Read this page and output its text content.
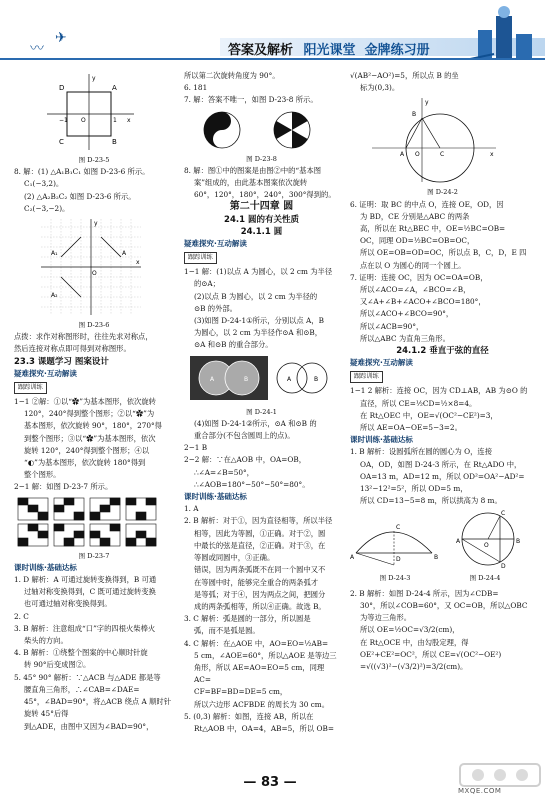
〰
✈
答案及解析 阳光课堂 金牌练习册
D	A
C	B
O
−1	1 x
y

图 D-23-5

8. 解：(1) △A₁B₁C₁ 如图 D-23-6 所示。

C₁(−3,2)。

(2) △A₂B₂C₂ 如图 D-23-6 所示。

C₂(−3,−2)。

O
x
y
A
A₁
A₂

图 D-23-6

点拨：求作对称图形时，往往先求对称点，

然后连接对称点即可得到对称图形。

23.3 课题学习 图案设计

疑难探究·互动解读

跟踪训练

1−1 ②解：①以“✿”为基本图形，依次旋转

120°，240°得到整个图形；②以“✿”为

基本图形，依次旋转 90°，180°，270°得

到整个图形；③以“✿”为基本图形，依次

旋转 120°，240°得到整个图形；④以

“◐”为基本图形，依次旋转 180°得到

整个图形。

2−1 解：如图 D-23-7 所示。

图 D-23-7

课时训练·基础达标

1. D 解析：A 可通过旋转变换得到，B 可通

过轴对称变换得到，C 既可通过旋转变换

也可通过轴对称变换得到。

2. C

3. B 解析：注意组成“口”字的四根火柴棒火

柴头的方向。

4. B 解析：①绕整个图案的中心顺时针旋

转 90°后变成图②。

5. 45° 90° 解析：∵△ACB 与△ADE 都是等

腰直角三角形，∴∠CAB=∠DAE=

45°，∠BAD=90°，将△ACB 绕点 A 顺时针旋转 45°后得

到△ADE，由图中又因为∠BAD=90°，

所以第二次旋转角度为 90°。

6. 181

7. 解：答案不唯一，如图 D-23-8 所示。

图 D-23-8

8. 解：图①中的图案是由图②中的“基本图

案”组成的，由此基本图案依次旋转

60°，120°，180°，240°，300°得到的。

第二十四章 圆

24.1 圆的有关性质

24.1.1 圆

疑难探究·互动解读

跟踪训练

1−1 解：(1)以点 A 为圆心，以 2 cm 为半径

的⊙A；

(2)以点 B 为圆心，以 2 cm 为半径的

⊙B 的外部。

(3)如图 D-24-1①所示，分别以点 A，B

为圆心，以 2 cm 为半径作⊙A 和⊙B，

⊙A 和⊙B 的重合部分。

A	B	A	B

图 D-24-1

(4)如图 D-24-1②所示，⊙A 和⊙B 的

重合部分(不包含圆周上的点)。

2−1 B

2−2 解：∵在△AOB 中，OA=OB，

∴∠A=∠B=50°，

∴∠AOB=180°−50°−50°=80°。

课时训练·基础达标

1. A

2. B 解析：对于①，因为直径相等，所以半径

相等，因此为等圆，①正确。对于②，圆

中最长的弦是直径，②正确。对于③，在

等圆或同圆中，③正确。

错误，因为两条弧既不在同一个圆中又不

在等圆中时，能够完全重合的两条弧才

是等弧；对于④，因为两点之间，把圆分

成的两条弧相等，所以④正确。故选 B。

3. C 解析：弧是圆的一部分，所以圆是

弧，而不是弧是圆。

4. C 解析：在△AOE 中，AO=EO=½AB=

5 cm，∠AOE=60°，所以△AOE 是等边三

角形，所以 AE=AO=EO=5 cm，同理 AC=

CF=BF=BD=DE=5 cm，

所以六边形 ACFBDE 的周长为 30 cm。

5. (0,3) 解析：如图，连接 AB，所以在

Rt△AOB 中，OA=4，AB=5，所以 OB=

√(AB²−AO²)=5，所以点 B 的坐

标为(0,3)。

B
A O	C	x
y

图 D-24-2

6. 证明：取 BC 的中点 O，连接 OE，OD，因

为 BD，CE 分别是△ABC 的两条

高，所以在 Rt△BEC 中，OE=½BC=OB=

OC，同理 OD=½BC=OB=OC，

所以 OE=OB=OD=OC，所以点 B，C，D，E 四

点在以 O 为圆心的同一个圆上。

7. 证明：连接 OC，因为 OC=OA=OB，

所以∠ACO=∠A，∠BCO=∠B，

又∠A+∠B+∠ACO+∠BCO=180°，

所以∠ACO+∠BCO=90°，

所以∠ACB=90°，

所以△ABC 为直角三角形。

24.1.2 垂直于弦的直径

疑难探究·互动解读

跟踪训练

1−1 2 解析：连接 OC，因为 CD⊥AB，AB 为⊙O 的

直径，所以 CE=½CD=½×8=4。

在 Rt△OEC 中，OE=√(OC²−CE²)=3，

所以 AE=OA−OE=5−3=2。

课时训练·基础达标

1. B 解析：设圆弧所在圆的圆心为 O，连接

OA，OD，如图 D-24-3 所示，在 Rt△ADO 中，

OA=13 m，AD=12 m，所以 OD²=OA²−AD²=

13²−12²=5²，所以 OD=5 m，

所以 CD=13−5=8 m，所以拱高为 8 m。

A	B
C
D
A	B
C
D
O
图 D-24-3	图 D-24-4

2. B 解析：如图 D-24-4 所示，因为∠CDB=

30°，所以∠COB=60°，又 OC=OB，所以△OBC

为等边三角形。

所以 OE=½OC=√3/2(cm)，

在 Rt△OCE 中，由勾股定理，得

OE²+CE²=OC²，所以 CE=√(OC²−OE²)

=√((√3)²−(√3/2)²)=3/2(cm)。

— 83 —
MXQE.COM
